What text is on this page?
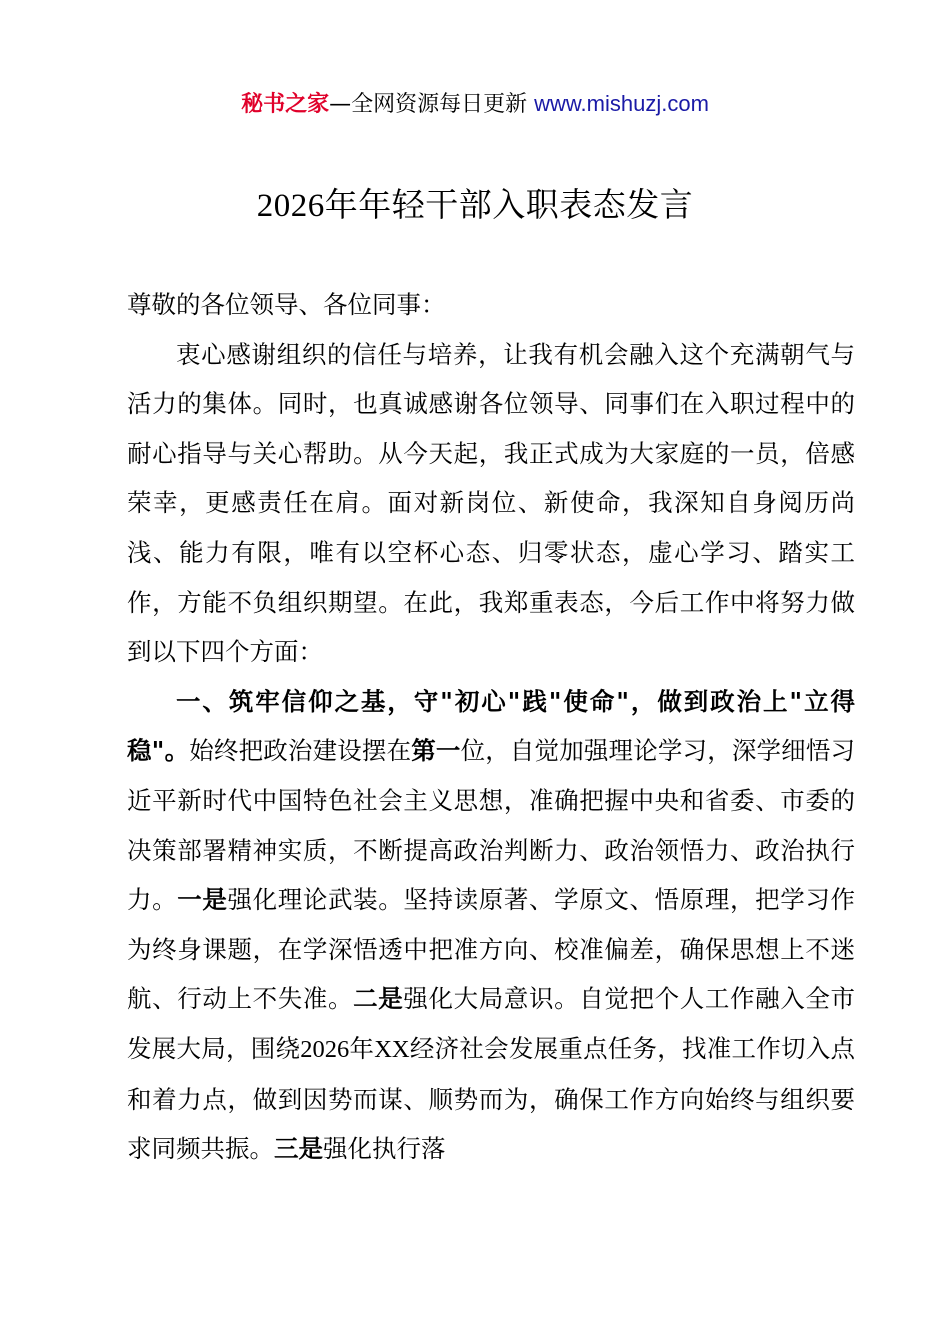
秘书之家—全网资源每日更新 www.mishuzj.com
2026年年轻干部入职表态发言

尊敬的各位领导、各位同事：

衷心感谢组织的信任与培养，让我有机会融入这个充满朝气与活力的集体。同时，也真诚感谢各位领导、同事们在入职过程中的耐心指导与关心帮助。从今天起，我正式成为大家庭的一员，倍感荣幸，更感责任在肩。面对新岗位、新使命，我深知自身阅历尚浅、能力有限，唯有以空杯心态、归零状态，虚心学习、踏实工作，方能不负组织期望。在此，我郑重表态，今后工作中将努力做到以下四个方面：

一、筑牢信仰之基，守"初心"践"使命"，做到政治上"立得稳"。始终把政治建设摆在第一位，自觉加强理论学习，深学细悟习近平新时代中国特色社会主义思想，准确把握中央和省委、市委的决策部署精神实质，不断提高政治判断力、政治领悟力、政治执行力。一是强化理论武装。坚持读原著、学原文、悟原理，把学习作为终身课题，在学深悟透中把准方向、校准偏差，确保思想上不迷航、行动上不失准。二是强化大局意识。自觉把个人工作融入全市发展大局，围绕2026年XX经济社会发展重点任务，找准工作切入点和着力点，做到因势而谋、顺势而为，确保工作方向始终与组织要求同频共振。三是强化执行落
